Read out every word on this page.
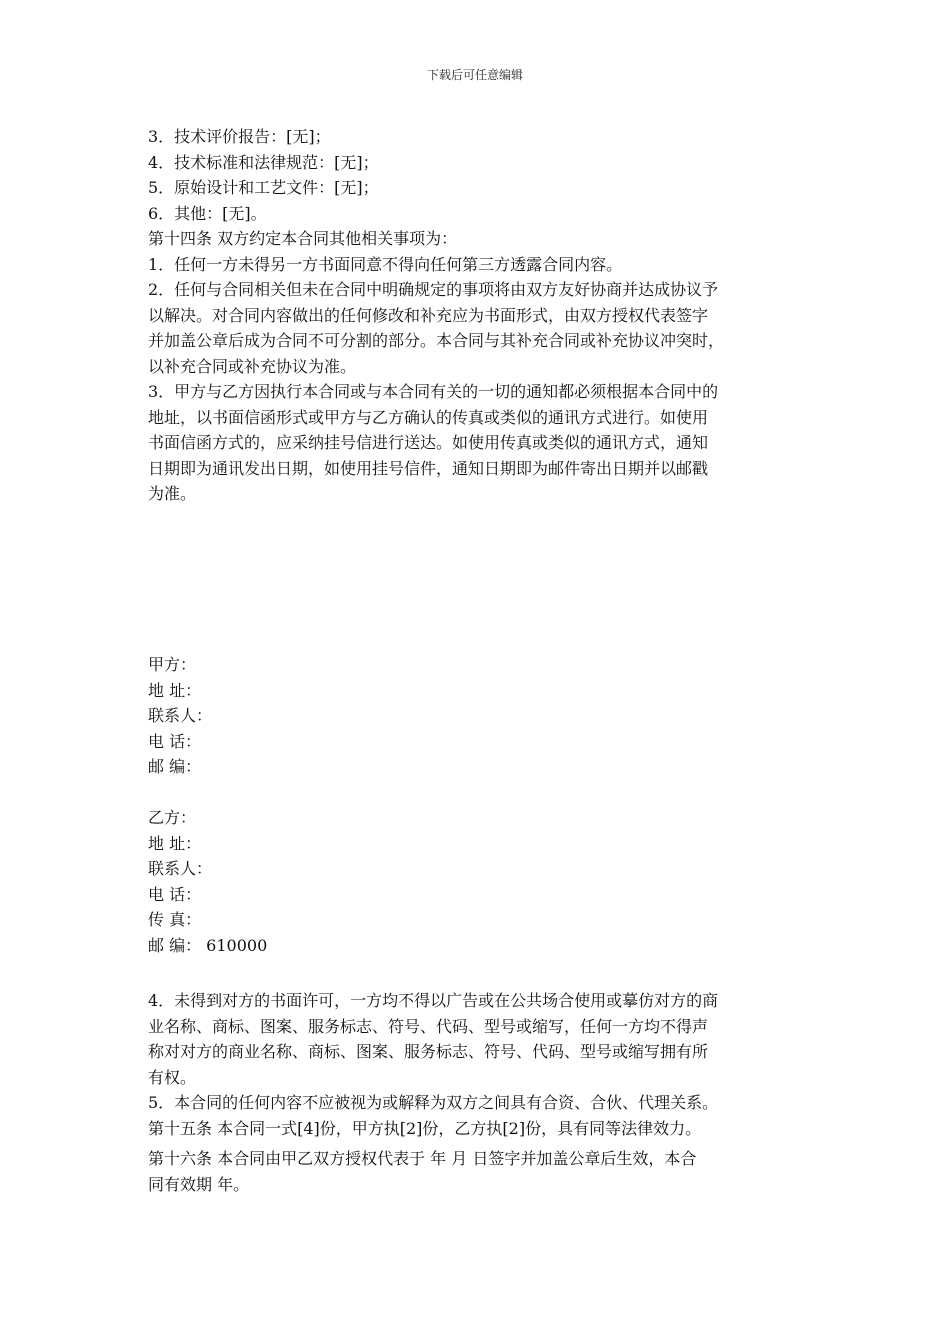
下载后可任意编辑

3．技术评价报告：[无]；

4．技术标准和法律规范：[无]；

5．原始设计和工艺文件：[无]；

6．其他：[无]。

第十四条 双方约定本合同其他相关事项为：

1．任何一方未得另一方书面同意不得向任何第三方透露合同内容。

2．任何与合同相关但未在合同中明确规定的事项将由双方友好协商并达成协议予

以解决。对合同内容做出的任何修改和补充应为书面形式，由双方授权代表签字

并加盖公章后成为合同不可分割的部分。本合同与其补充合同或补充协议冲突时，

以补充合同或补充协议为准。

3．甲方与乙方因执行本合同或与本合同有关的一切的通知都必须根据本合同中的

地址，以书面信函形式或甲方与乙方确认的传真或类似的通讯方式进行。如使用

书面信函方式的，应采纳挂号信进行送达。如使用传真或类似的通讯方式，通知

日期即为通讯发出日期，如使用挂号信件，通知日期即为邮件寄出日期并以邮戳

为准。

甲方：

地 址：

联系人：

电 话：

邮 编：

乙方：

地 址：

联系人：

电 话：

传 真：

邮 编： 610000

4．未得到对方的书面许可，一方均不得以广告或在公共场合使用或摹仿对方的商

业名称、商标、图案、服务标志、符号、代码、型号或缩写，任何一方均不得声

称对对方的商业名称、商标、图案、服务标志、符号、代码、型号或缩写拥有所

有权。

5．本合同的任何内容不应被视为或解释为双方之间具有合资、合伙、代理关系。

第十五条 本合同一式[4]份，甲方执[2]份，乙方执[2]份，具有同等法律效力。

第十六条 本合同由甲乙双方授权代表于 年 月 日签字并加盖公章后生效，本合

同有效期 年。
